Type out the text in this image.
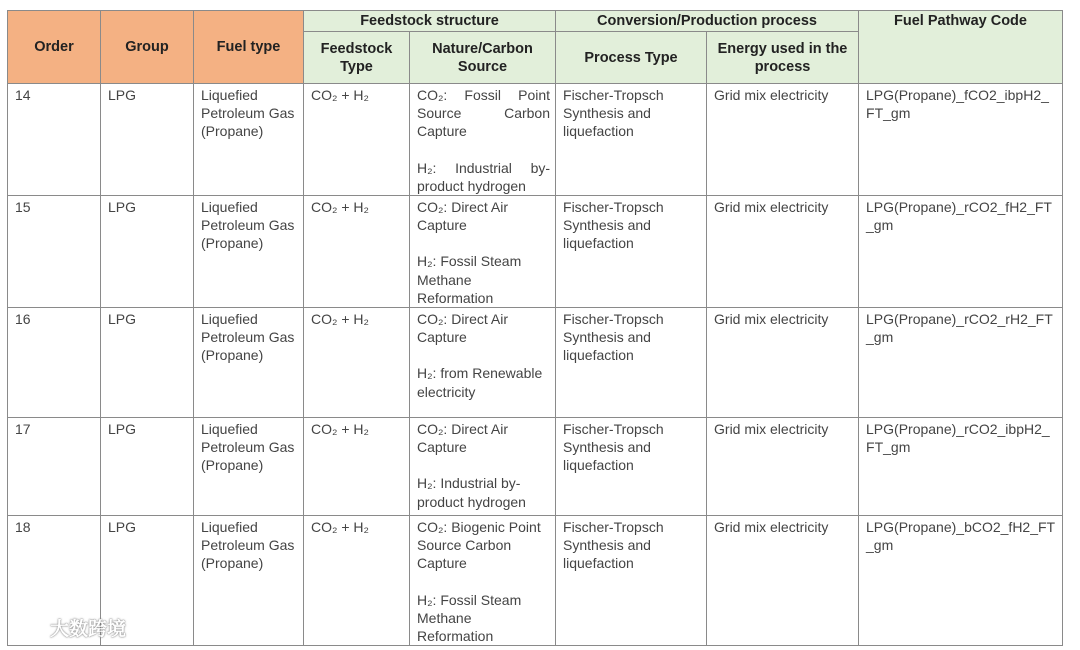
Order	Group	Fuel type	Feedstock structure		Conversion/Production process		Fuel Pathway Code
			Feedstock Type	Nature/Carbon Source	Process Type	Energy used in the process	
14	LPG	Liquefied Petroleum Gas (Propane)	CO₂ + H₂	CO₂: Fossil Point Source Carbon Capture
H₂: Industrial by-product hydrogen	Fischer-Tropsch Synthesis and liquefaction	Grid mix electricity	LPG(Propane)_fCO2_ibpH2_FT_gm
15	LPG	Liquefied Petroleum Gas (Propane)	CO₂ + H₂	CO₂: Direct Air Capture
H₂: Fossil Steam Methane Reformation	Fischer-Tropsch Synthesis and liquefaction	Grid mix electricity	LPG(Propane)_rCO2_fH2_FT_gm
16	LPG	Liquefied Petroleum Gas (Propane)	CO₂ + H₂	CO₂: Direct Air Capture
H₂: from Renewable electricity	Fischer-Tropsch Synthesis and liquefaction	Grid mix electricity	LPG(Propane)_rCO2_rH2_FT_gm
17	LPG	Liquefied Petroleum Gas (Propane)	CO₂ + H₂	CO₂: Direct Air Capture
H₂: Industrial by-product hydrogen	Fischer-Tropsch Synthesis and liquefaction	Grid mix electricity	LPG(Propane)_rCO2_ibpH2_FT_gm
18	LPG	Liquefied Petroleum Gas (Propane)	CO₂ + H₂	CO₂: Biogenic Point Source Carbon Capture
H₂: Fossil Steam Methane Reformation	Fischer-Tropsch Synthesis and liquefaction	Grid mix electricity	LPG(Propane)_bCO2_fH2_FT_gm
大数跨境
